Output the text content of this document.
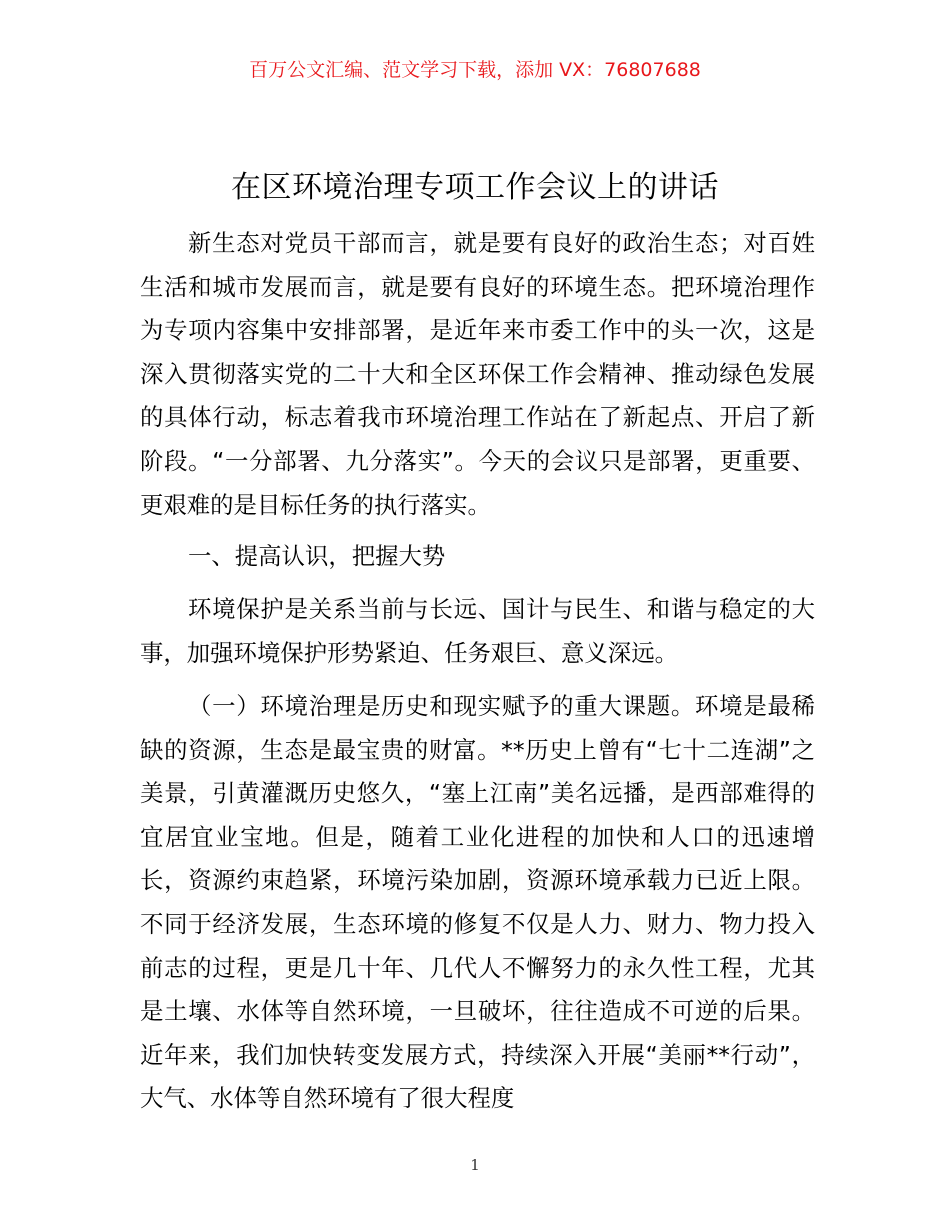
百万公文汇编、范文学习下载，添加 VX：76807688
在区环境治理专项工作会议上的讲话

新生态对党员干部而言，就是要有良好的政治生态；对百姓生活和城市发展而言，就是要有良好的环境生态。把环境治理作为专项内容集中安排部署，是近年来市委工作中的头一次，这是深入贯彻落实党的二十大和全区环保工作会精神、推动绿色发展的具体行动，标志着我市环境治理工作站在了新起点、开启了新阶段。“一分部署、九分落实”。今天的会议只是部署，更重要、更艰难的是目标任务的执行落实。

一、提高认识，把握大势

环境保护是关系当前与长远、国计与民生、和谐与稳定的大事，加强环境保护形势紧迫、任务艰巨、意义深远。

（一）环境治理是历史和现实赋予的重大课题。环境是最稀缺的资源，生态是最宝贵的财富。**历史上曾有“七十二连湖”之美景，引黄灌溉历史悠久，“塞上江南”美名远播，是西部难得的宜居宜业宝地。但是，随着工业化进程的加快和人口的迅速增长，资源约束趋紧，环境污染加剧，资源环境承载力已近上限。不同于经济发展，生态环境的修复不仅是人力、财力、物力投入前志的过程，更是几十年、几代人不懈努力的永久性工程，尤其是土壤、水体等自然环境，一旦破坏，往往造成不可逆的后果。近年来，我们加快转变发展方式，持续深入开展“美丽**行动”，大气、水体等自然环境有了很大程度

1
